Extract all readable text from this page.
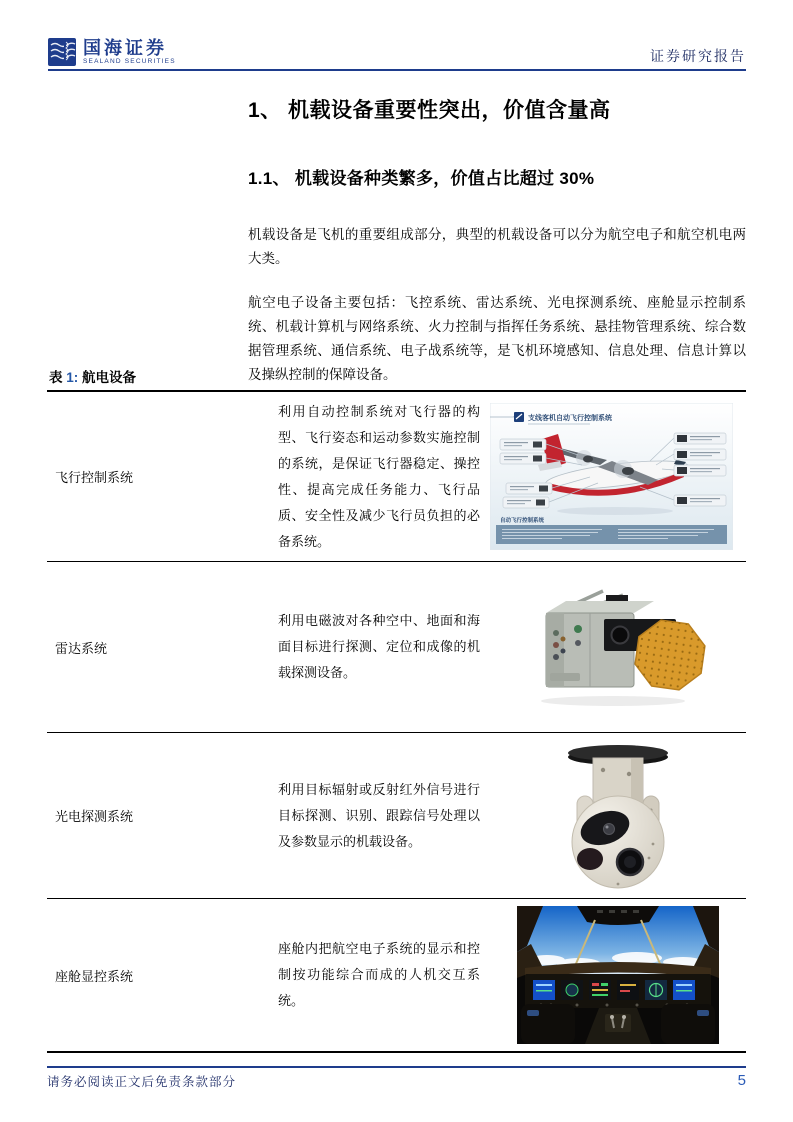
国海证券
SEALAND SECURITIES	证券研究报告
1、 机载设备重要性突出，价值含量高
1.1、 机载设备种类繁多，价值占比超过 30%

机载设备是飞机的重要组成部分，典型的机载设备可以分为航空电子和航空机电两大类。

航空电子设备主要包括：飞控系统、雷达系统、光电探测系统、座舱显示控制系统、机载计算机与网络系统、火力控制与指挥任务系统、悬挂物管理系统、综合数据管理系统、通信系统、电子战系统等，是飞机环境感知、信息处理、信息计算以及操纵控制的保障设备。

表 1: 航电设备
飞行控制系统
利用自动控制系统对飞行器的构型、飞行姿态和运动参数实施控制的系统，是保证飞行器稳定、操控性、提高完成任务能力、飞行品质、安全性及减少飞行员负担的必备系统。
支线客机自动飞行控制系统
自动飞行控制系统
雷达系统
利用电磁波对各种空中、地面和海面目标进行探测、定位和成像的机载探测设备。
光电探测系统
利用目标辐射或反射红外信号进行目标探测、识别、跟踪信号处理以及参数显示的机载设备。
座舱显控系统
座舱内把航空电子系统的显示和控制按功能综合而成的人机交互系统。
请务必阅读正文后免责条款部分	5
